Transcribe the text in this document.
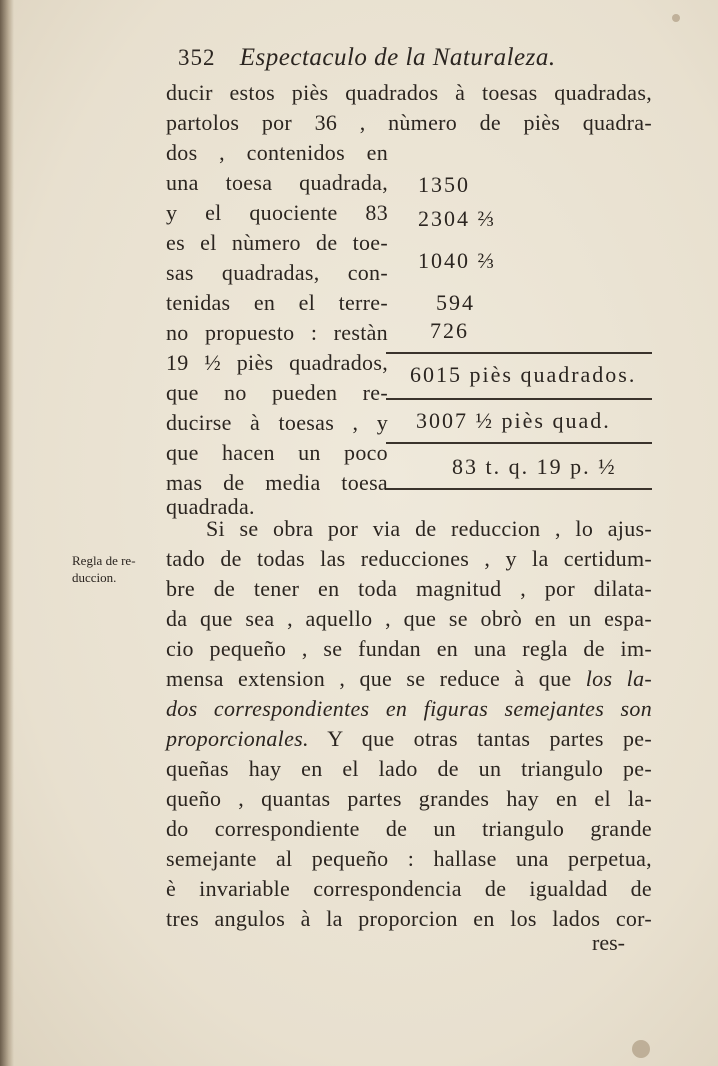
352 Espectaculo de la Naturaleza.
ducir estos piès quadrados à toesas quadradas,
partolos por 36 , nùmero de piès quadra-
dos , contenidos en
una toesa quadrada,
y el quociente 83
es el nùmero de toe-
sas quadradas, con-
tenidas en el terre-
no propuesto : restàn
19 ½ piès quadrados,
que no pueden re-
ducirse à toesas , y
que hacen un poco
mas de media toesa
quadrada.
1350
2304 ⅔
1040 ⅔
594
726
6015 piès quadrados.
3007 ½ piès quad.
83 t. q. 19 p. ½
Regla de re- duccion.
Si se obra por via de reduccion , lo ajus-
tado de todas las reducciones , y la certidum-
bre de tener en toda magnitud , por dilata-
da que sea , aquello , que se obrò en un espa-
cio pequeño , se fundan en una regla de im-
mensa extension , que se reduce à que los la-
dos correspondientes en figuras semejantes son
proporcionales. Y que otras tantas partes pe-
queñas hay en el lado de un triangulo pe-
queño , quantas partes grandes hay en el la-
do correspondiente de un triangulo grande
semejante al pequeño : hallase una perpetua,
è invariable correspondencia de igualdad de
tres angulos à la proporcion en los lados cor-
res-
